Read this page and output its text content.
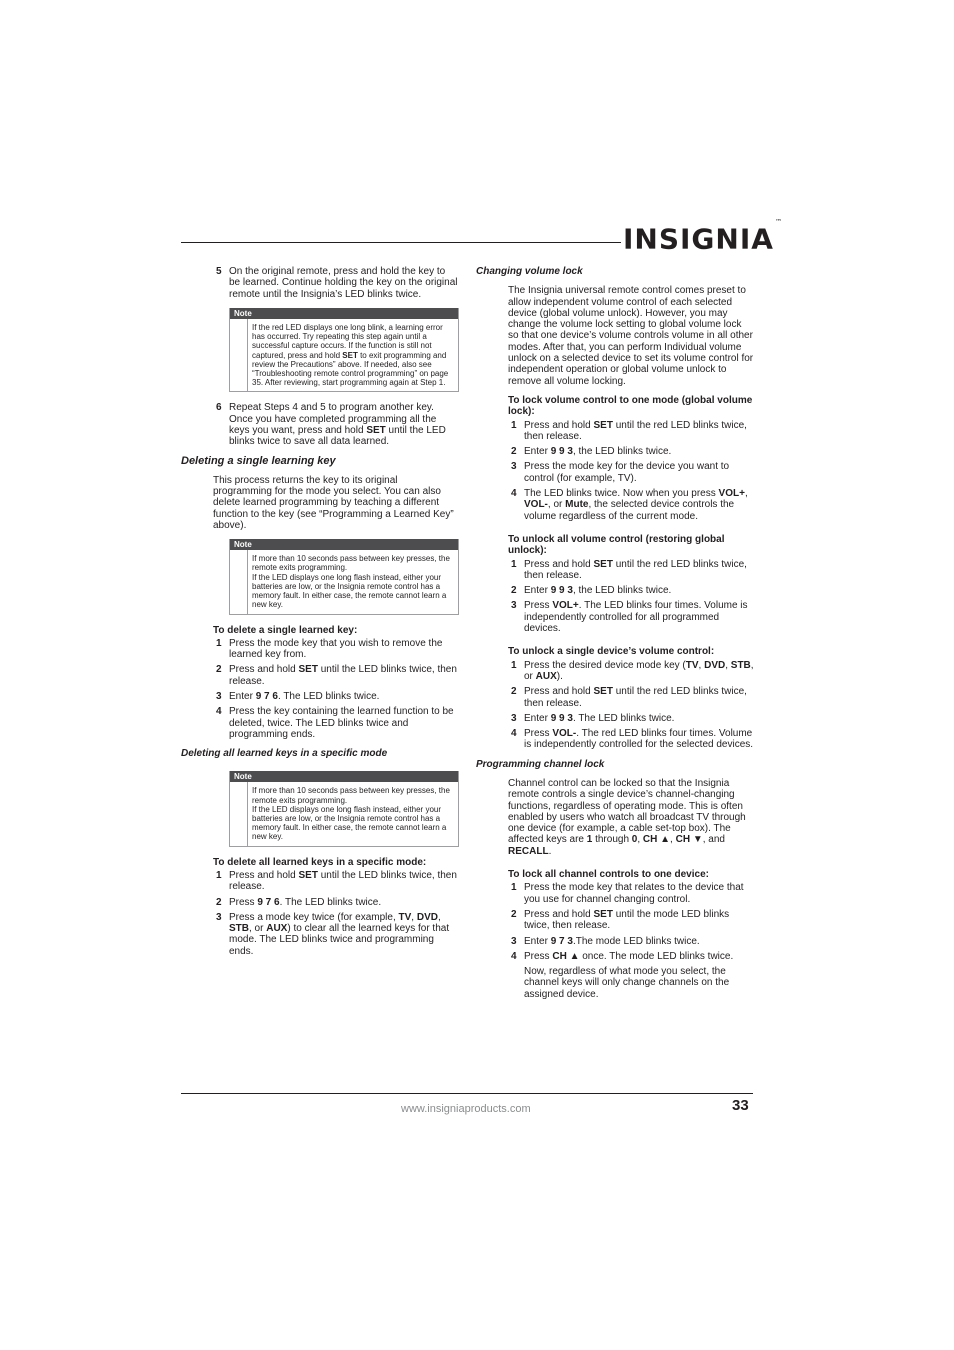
INSIGNIA™
5 On the original remote, press and hold the key to be learned. Continue holding the key on the original remote until the Insignia’s LED blinks twice.
Note

If the red LED displays one long blink, a learning error has occurred. Try repeating this step again until a successful capture occurs. If the function is still not captured, press and hold SET to exit programming and review the Precautions” above. If needed, also see “Troubleshooting remote control programming” on page 35. After reviewing, start programming again at Step 1.

6 Repeat Steps 4 and 5 to program another key. Once you have completed programming all the keys you want, press and hold SET until the LED blinks twice to save all data learned.
Deleting a single learning key

This process returns the key to its original programming for the mode you select. You can also delete learned programming by teaching a different function to the key (see “Programming a Learned Key” above).

Note

If more than 10 seconds pass between key presses, the remote exits programming.

If the LED displays one long flash instead, either your batteries are low, or the Insignia remote control has a memory fault. In either case, the remote cannot learn a new key.

To delete a single learned key:
1 Press the mode key that you wish to remove the learned key from.
2 Press and hold SET until the LED blinks twice, then release.
3 Enter 9 7 6. The LED blinks twice.
4 Press the key containing the learned function to be deleted, twice. The LED blinks twice and programming ends.
Deleting all learned keys in a specific mode
Note

If more than 10 seconds pass between key presses, the remote exits programming.

If the LED displays one long flash instead, either your batteries are low, or the Insignia remote control has a memory fault. In either case, the remote cannot learn a new key.

To delete all learned keys in a specific mode:
1 Press and hold SET until the LED blinks twice, then release.
2 Press 9 7 6. The LED blinks twice.
3 Press a mode key twice (for example, TV, DVD, STB, or AUX) to clear all the learned keys for that mode. The LED blinks twice and programming ends.
Changing volume lock

The Insignia universal remote control comes preset to allow independent volume control of each selected device (global volume unlock). However, you may change the volume lock setting to global volume lock so that one device’s volume controls volume in all other modes. After that, you can perform Individual volume unlock on a selected device to set its volume control for independent operation or global volume unlock to remove all volume locking.

To lock volume control to one mode (global volume lock):
1 Press and hold SET until the red LED blinks twice, then release.
2 Enter 9 9 3, the LED blinks twice.
3 Press the mode key for the device you want to control (for example, TV).
4 The LED blinks twice. Now when you press VOL+, VOL-, or Mute, the selected device controls the volume regardless of the current mode.
To unlock all volume control (restoring global unlock):
1 Press and hold SET until the red LED blinks twice, then release.
2 Enter 9 9 3, the LED blinks twice.
3 Press VOL+. The LED blinks four times. Volume is independently controlled for all programmed devices.
To unlock a single device’s volume control:
1 Press the desired device mode key (TV, DVD, STB, or AUX).
2 Press and hold SET until the red LED blinks twice, then release.
3 Enter 9 9 3. The LED blinks twice.
4 Press VOL-. The red LED blinks four times. Volume is independently controlled for the selected devices.
Programming channel lock

Channel control can be locked so that the Insignia remote controls a single device’s channel-changing functions, regardless of operating mode. This is often enabled by users who watch all broadcast TV through one device (for example, a cable set-top box). The affected keys are 1 through 0, CH ▲, CH ▼, and RECALL.

To lock all channel controls to one device:
1 Press the mode key that relates to the device that you use for channel changing control.
2 Press and hold SET until the mode LED blinks twice, then release.
3 Enter 9 7 3.The mode LED blinks twice.
4 Press CH ▲ once. The mode LED blinks twice.

Now, regardless of what mode you select, the channel keys will only change channels on the assigned device.

www.insigniaproducts.com	33
